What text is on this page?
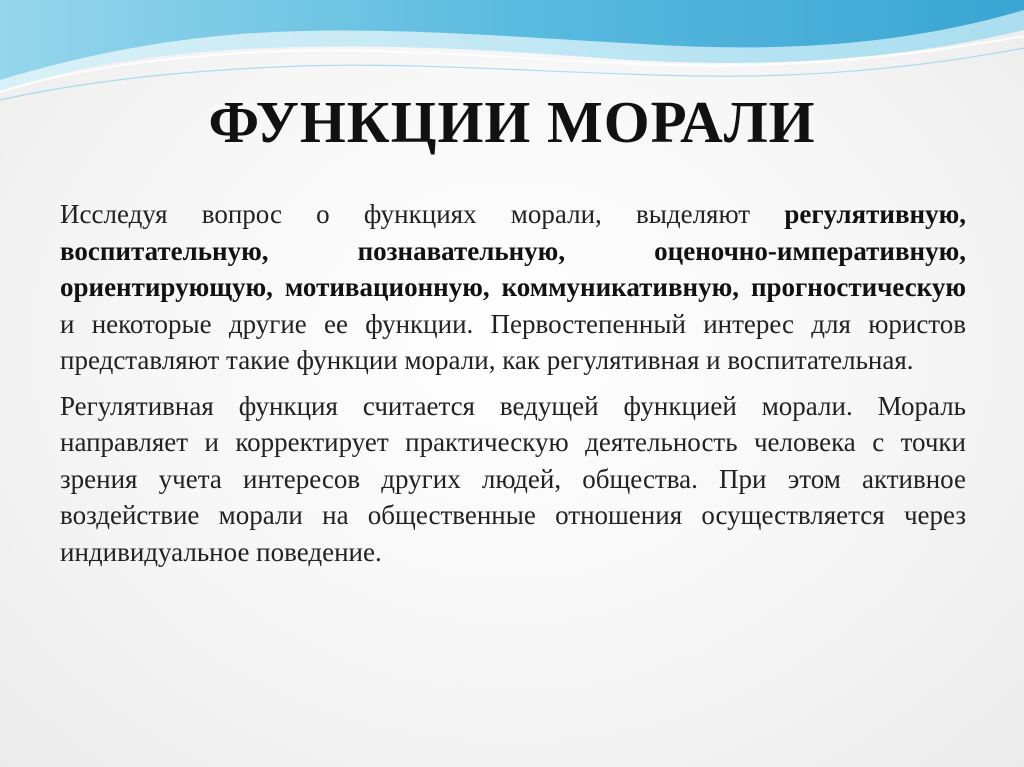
ФУНКЦИИ МОРАЛИ

Исследуя вопрос о функциях морали, выделяют регулятивную, воспитательную, познавательную, оценочно-императивную, ориентирующую, мотивационную, коммуникативную, прогностическую и некоторые другие ее функции. Первостепенный интерес для юристов представляют такие функции морали, как регулятивная и воспитательная.

Регулятивная функция считается ведущей функцией морали. Мораль направляет и корректирует практическую деятельность человека с точки зрения учета интересов других людей, общества. При этом активное воздействие морали на общественные отношения осуществляется через индивидуальное поведение.
